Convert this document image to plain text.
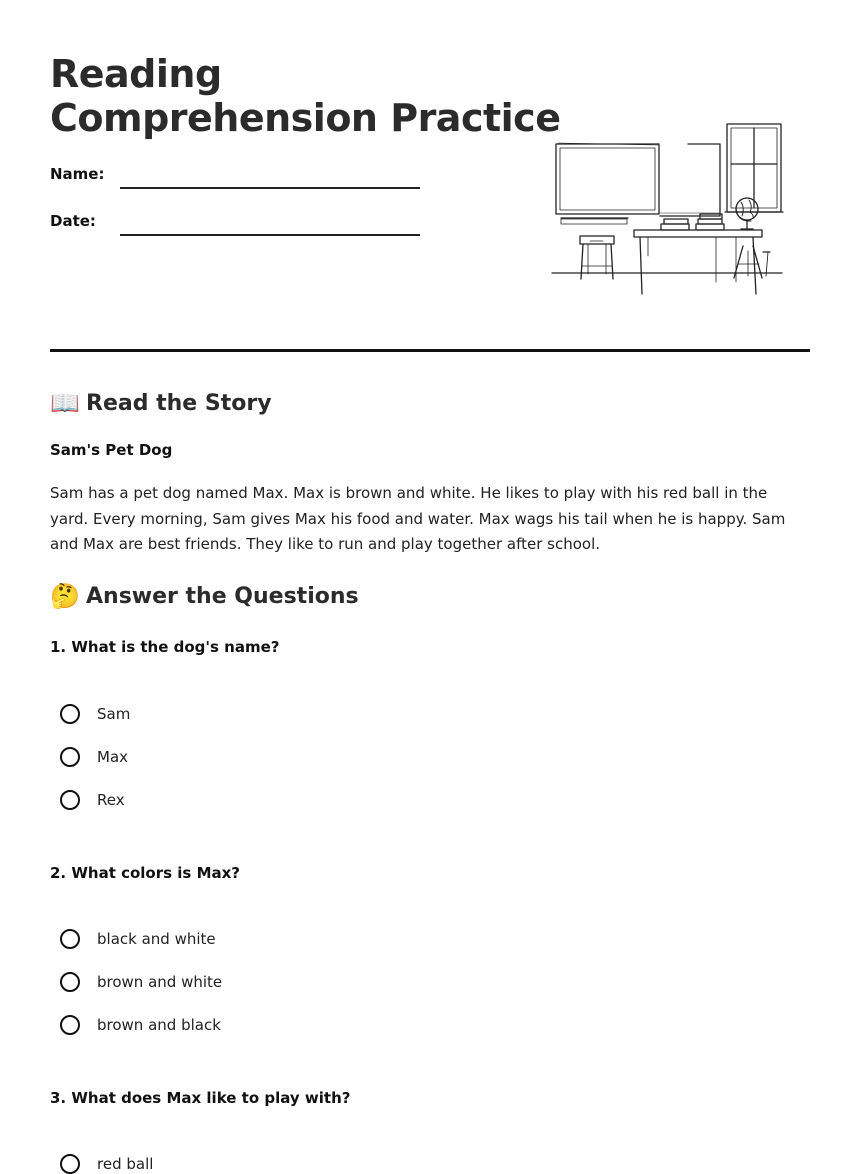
Reading
Comprehension Practice
Name:
Date:
📖 Read the Story
Sam's Pet Dog

Sam has a pet dog named Max. Max is brown and white. He likes to play with his red ball in the yard. Every morning, Sam gives Max his food and water. Max wags his tail when he is happy. Sam and Max are best friends. They like to run and play together after school.

🤔 Answer the Questions
1. What is the dog's name?
Sam
Max
Rex
2. What colors is Max?
black and white
brown and white
brown and black
3. What does Max like to play with?
red ball
